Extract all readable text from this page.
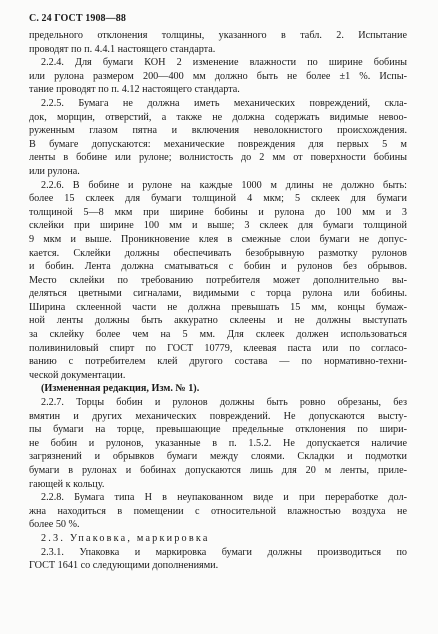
С. 24 ГОСТ 1908—88
предельного отклонения толщины, указанного в табл. 2. Испытание
проводят по п. 4.4.1 настоящего стандарта.
2.2.4. Для бумаги КОН 2 изменение влажности по ширине бобины
или рулона размером 200—400 мм должно быть не более ±1 %. Испы-
тание проводят по п. 4.12 настоящего стандарта.
2.2.5. Бумага не должна иметь механических повреждений, скла-
док, морщин, отверстий, а также не должна содержать видимые невоо-
руженным глазом пятна и включения неволокнистого происхождения.
В бумаге допускаются: механические повреждения для первых 5 м
ленты в бобине или рулоне; волнистость до 2 мм от поверхности бобины
или рулона.
2.2.6. В бобине и рулоне на каждые 1000 м длины не должно быть:
более 15 склеек для бумаги толщиной 4 мкм; 5 склеек для бумаги
толщиной 5—8 мкм при ширине бобины и рулона до 100 мм и 3
склейки при ширине 100 мм и выше; 3 склеек для бумаги толщиной
9 мкм и выше. Проникновение клея в смежные слои бумаги не допус-
кается. Склейки должны обеспечивать безобрывную размотку рулонов
и бобин. Лента должна сматываться с бобин и рулонов без обрывов.
Место склейки по требованию потребителя может дополнительно вы-
деляться цветными сигналами, видимыми с торца рулона или бобины.
Ширина склеенной части не должна превышать 15 мм, концы бумаж-
ной ленты должны быть аккуратно склеены и не должны выступать
за склейку более чем на 5 мм. Для склеек должен использоваться
поливиниловый спирт по ГОСТ 10779, клеевая паста или по согласо-
ванию с потребителем клей другого состава — по нормативно-техни-
ческой документации.
(Измененная редакция, Изм. № 1).
2.2.7. Торцы бобин и рулонов должны быть ровно обрезаны, без
вмятин и других механических повреждений. Не допускаются высту-
пы бумаги на торце, превышающие предельные отклонения по шири-
не бобин и рулонов, указанные в п. 1.5.2. Не допускается наличие
загрязнений и обрывков бумаги между слоями. Складки и подмотки
бумаги в рулонах и бобинах допускаются лишь для 20 м ленты, приле-
гающей к кольцу.
2.2.8. Бумага типа Н в неупакованном виде и при переработке дол-
жна находиться в помещении с относительной влажностью воздуха не
более 50 %.
2.3. Упаковка, маркировка
2.3.1. Упаковка и маркировка бумаги должны производиться по
ГОСТ 1641 со следующими дополнениями.
